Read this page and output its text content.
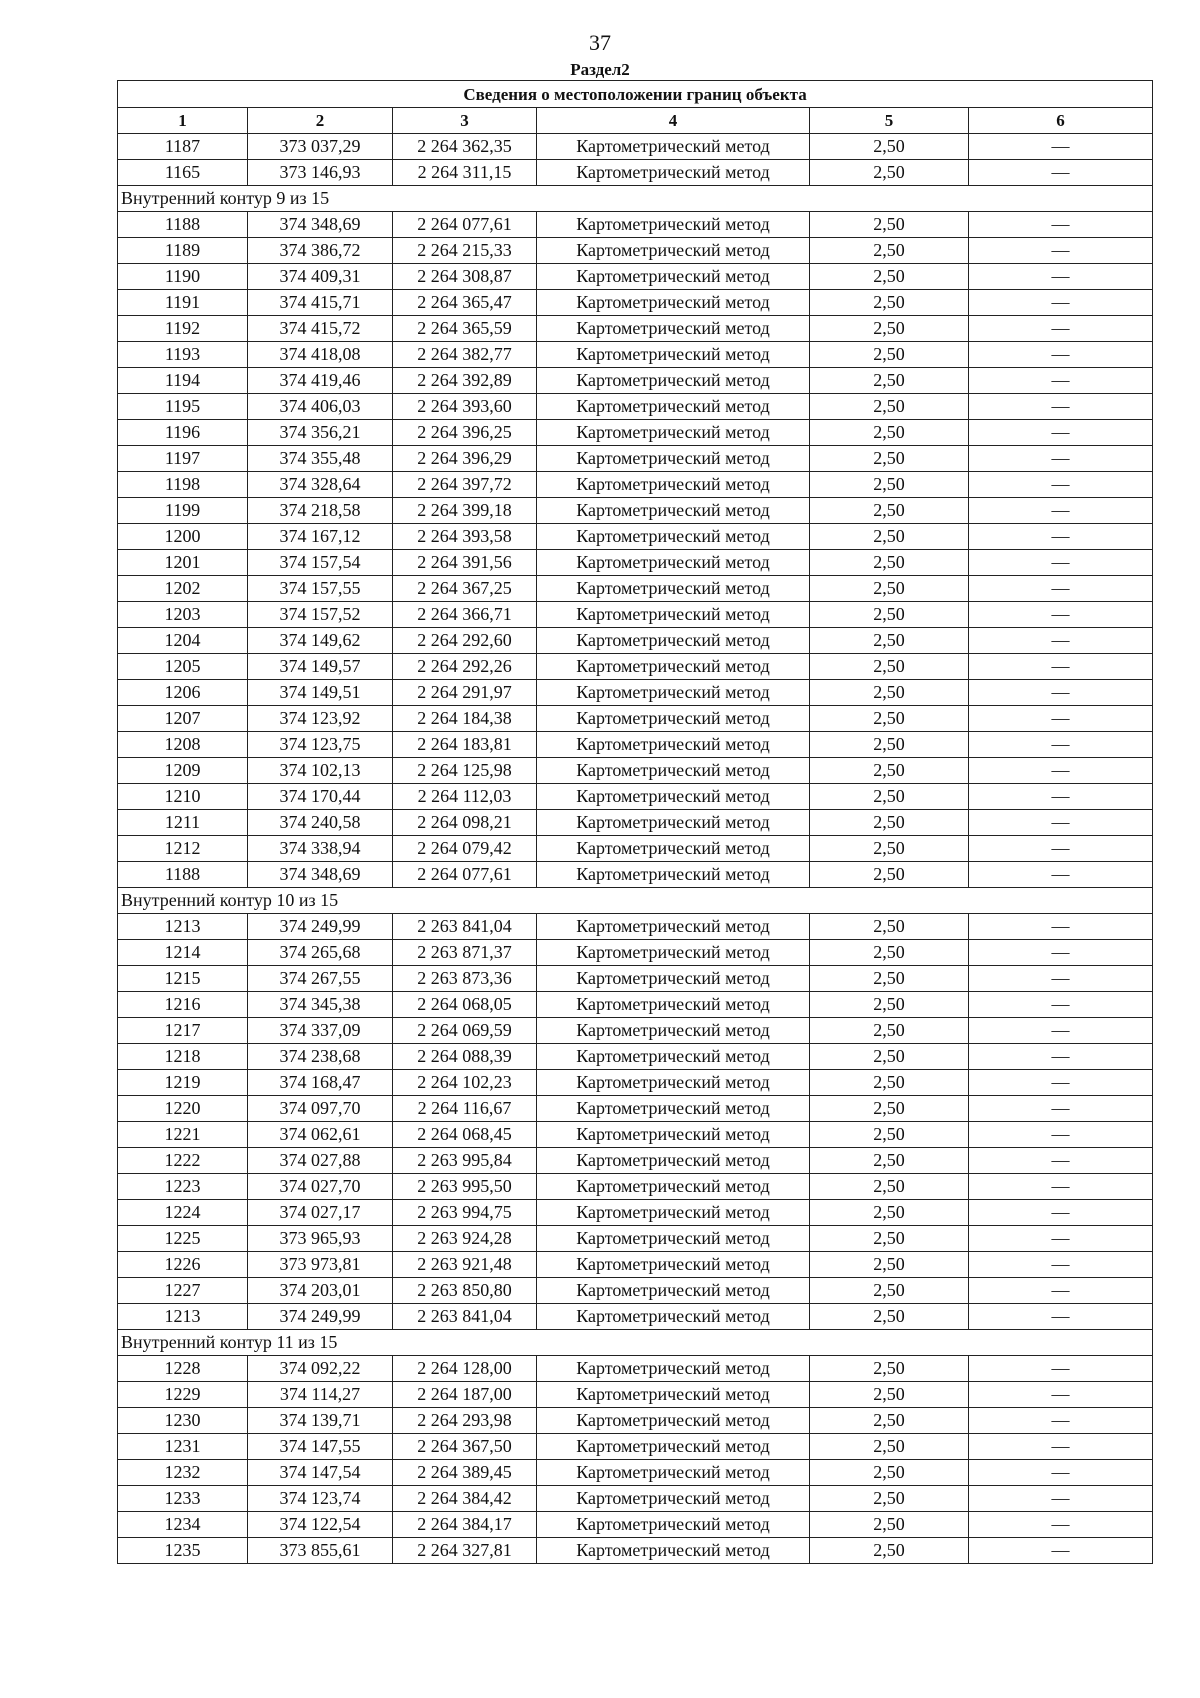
37
Раздел2
Сведения о местоположении границ объекта					
1	2	3	4	5	6
1187	373 037,29	2 264 362,35	Картометрический метод	2,50	—
1165	373 146,93	2 264 311,15	Картометрический метод	2,50	—
Внутренний контур 9 из 15					
1188	374 348,69	2 264 077,61	Картометрический метод	2,50	—
1189	374 386,72	2 264 215,33	Картометрический метод	2,50	—
1190	374 409,31	2 264 308,87	Картометрический метод	2,50	—
1191	374 415,71	2 264 365,47	Картометрический метод	2,50	—
1192	374 415,72	2 264 365,59	Картометрический метод	2,50	—
1193	374 418,08	2 264 382,77	Картометрический метод	2,50	—
1194	374 419,46	2 264 392,89	Картометрический метод	2,50	—
1195	374 406,03	2 264 393,60	Картометрический метод	2,50	—
1196	374 356,21	2 264 396,25	Картометрический метод	2,50	—
1197	374 355,48	2 264 396,29	Картометрический метод	2,50	—
1198	374 328,64	2 264 397,72	Картометрический метод	2,50	—
1199	374 218,58	2 264 399,18	Картометрический метод	2,50	—
1200	374 167,12	2 264 393,58	Картометрический метод	2,50	—
1201	374 157,54	2 264 391,56	Картометрический метод	2,50	—
1202	374 157,55	2 264 367,25	Картометрический метод	2,50	—
1203	374 157,52	2 264 366,71	Картометрический метод	2,50	—
1204	374 149,62	2 264 292,60	Картометрический метод	2,50	—
1205	374 149,57	2 264 292,26	Картометрический метод	2,50	—
1206	374 149,51	2 264 291,97	Картометрический метод	2,50	—
1207	374 123,92	2 264 184,38	Картометрический метод	2,50	—
1208	374 123,75	2 264 183,81	Картометрический метод	2,50	—
1209	374 102,13	2 264 125,98	Картометрический метод	2,50	—
1210	374 170,44	2 264 112,03	Картометрический метод	2,50	—
1211	374 240,58	2 264 098,21	Картометрический метод	2,50	—
1212	374 338,94	2 264 079,42	Картометрический метод	2,50	—
1188	374 348,69	2 264 077,61	Картометрический метод	2,50	—
Внутренний контур 10 из 15					
1213	374 249,99	2 263 841,04	Картометрический метод	2,50	—
1214	374 265,68	2 263 871,37	Картометрический метод	2,50	—
1215	374 267,55	2 263 873,36	Картометрический метод	2,50	—
1216	374 345,38	2 264 068,05	Картометрический метод	2,50	—
1217	374 337,09	2 264 069,59	Картометрический метод	2,50	—
1218	374 238,68	2 264 088,39	Картометрический метод	2,50	—
1219	374 168,47	2 264 102,23	Картометрический метод	2,50	—
1220	374 097,70	2 264 116,67	Картометрический метод	2,50	—
1221	374 062,61	2 264 068,45	Картометрический метод	2,50	—
1222	374 027,88	2 263 995,84	Картометрический метод	2,50	—
1223	374 027,70	2 263 995,50	Картометрический метод	2,50	—
1224	374 027,17	2 263 994,75	Картометрический метод	2,50	—
1225	373 965,93	2 263 924,28	Картометрический метод	2,50	—
1226	373 973,81	2 263 921,48	Картометрический метод	2,50	—
1227	374 203,01	2 263 850,80	Картометрический метод	2,50	—
1213	374 249,99	2 263 841,04	Картометрический метод	2,50	—
Внутренний контур 11 из 15					
1228	374 092,22	2 264 128,00	Картометрический метод	2,50	—
1229	374 114,27	2 264 187,00	Картометрический метод	2,50	—
1230	374 139,71	2 264 293,98	Картометрический метод	2,50	—
1231	374 147,55	2 264 367,50	Картометрический метод	2,50	—
1232	374 147,54	2 264 389,45	Картометрический метод	2,50	—
1233	374 123,74	2 264 384,42	Картометрический метод	2,50	—
1234	374 122,54	2 264 384,17	Картометрический метод	2,50	—
1235	373 855,61	2 264 327,81	Картометрический метод	2,50	—
